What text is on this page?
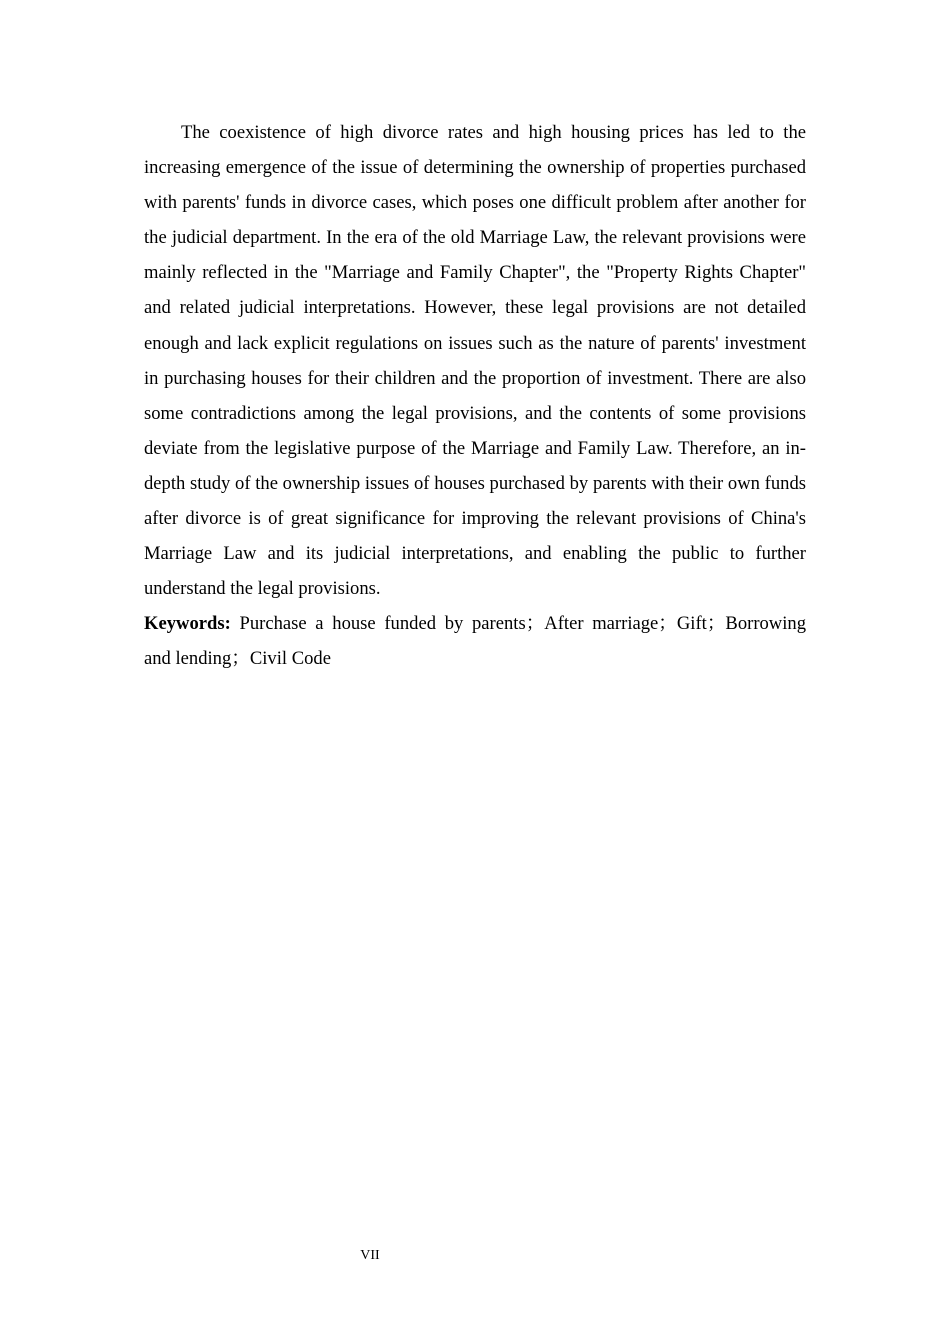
The coexistence of high divorce rates and high housing prices has led to the increasing emergence of the issue of determining the ownership of properties purchased with parents' funds in divorce cases, which poses one difficult problem after another for the judicial department. In the era of the old Marriage Law, the relevant provisions were mainly reflected in the "Marriage and Family Chapter", the "Property Rights Chapter" and related judicial interpretations. However, these legal provisions are not detailed enough and lack explicit regulations on issues such as the nature of parents' investment in purchasing houses for their children and the proportion of investment. There are also some contradictions among the legal provisions, and the contents of some provisions deviate from the legislative purpose of the Marriage and Family Law. Therefore, an in-depth study of the ownership issues of houses purchased by parents with their own funds after divorce is of great significance for improving the relevant provisions of China's Marriage Law and its judicial interpretations, and enabling the public to further understand the legal provisions.

Keywords: Purchase a house funded by parents；After marriage；Gift；Borrowing and lending；Civil Code

VII
